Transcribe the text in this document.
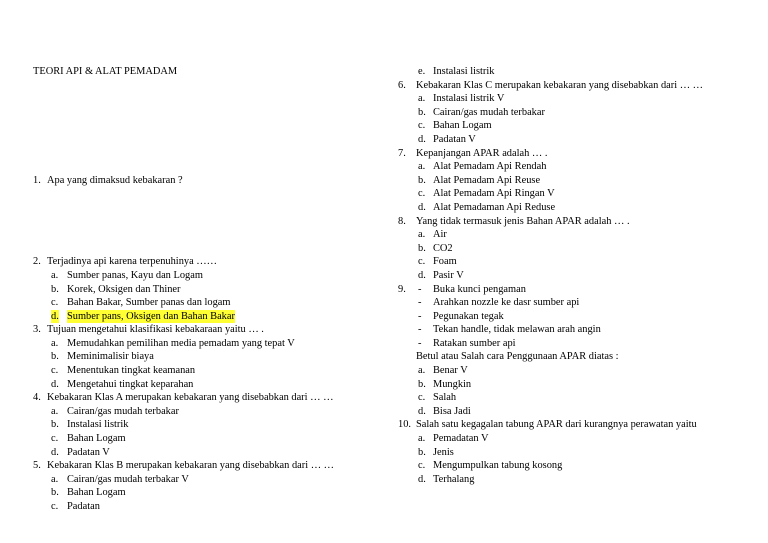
TEORI API & ALAT PEMADAM
1. Apa yang dimaksud kebakaran ?
2. Terjadinya api karena terpenuhinya ……
a. Sumber panas, Kayu dan Logam
b. Korek, Oksigen dan Thiner
c. Bahan Bakar, Sumber panas dan logam
d. Sumber pans, Oksigen dan Bahan Bakar
3. Tujuan mengetahui klasifikasi kebakaraan yaitu … .
a. Memudahkan pemilihan media pemadam yang tepat V
b. Meminimalisir biaya
c. Menentukan tingkat keamanan
d. Mengetahui tingkat keparahan
4. Kebakaran Klas A merupakan kebakaran yang disebabkan dari … …
a. Cairan/gas mudah terbakar
b. Instalasi listrik
c. Bahan Logam
d. Padatan V
5. Kebakaran Klas B merupakan kebakaran yang disebabkan dari … …
a. Cairan/gas mudah terbakar V
b. Bahan Logam
c. Padatan
e. Instalasi listrik
6. Kebakaran Klas C merupakan kebakaran yang disebabkan dari … …
a. Instalasi listrik V
b. Cairan/gas mudah terbakar
c. Bahan Logam
d. Padatan V
7. Kepanjangan APAR adalah … .
a. Alat Pemadam Api Rendah
b. Alat Pemadam Api Reuse
c. Alat Pemadam Api Ringan V
d. Alat Pemadaman Api Reduse
8. Yang tidak termasuk jenis Bahan APAR adalah … .
a. Air
b. CO2
c. Foam
d. Pasir V
9. - Buka kunci pengaman
- Arahkan nozzle ke dasr sumber api
- Pegunakan tegak
- Tekan handle, tidak melawan arah angin
- Ratakan sumber api
Betul atau Salah cara Penggunaan APAR diatas :
a. Benar V
b. Mungkin
c. Salah
d. Bisa Jadi
10. Salah satu kegagalan tabung APAR dari kurangnya perawatan yaitu
a. Pemadatan V
b. Jenis
c. Mengumpulkan tabung kosong
d. Terhalang
